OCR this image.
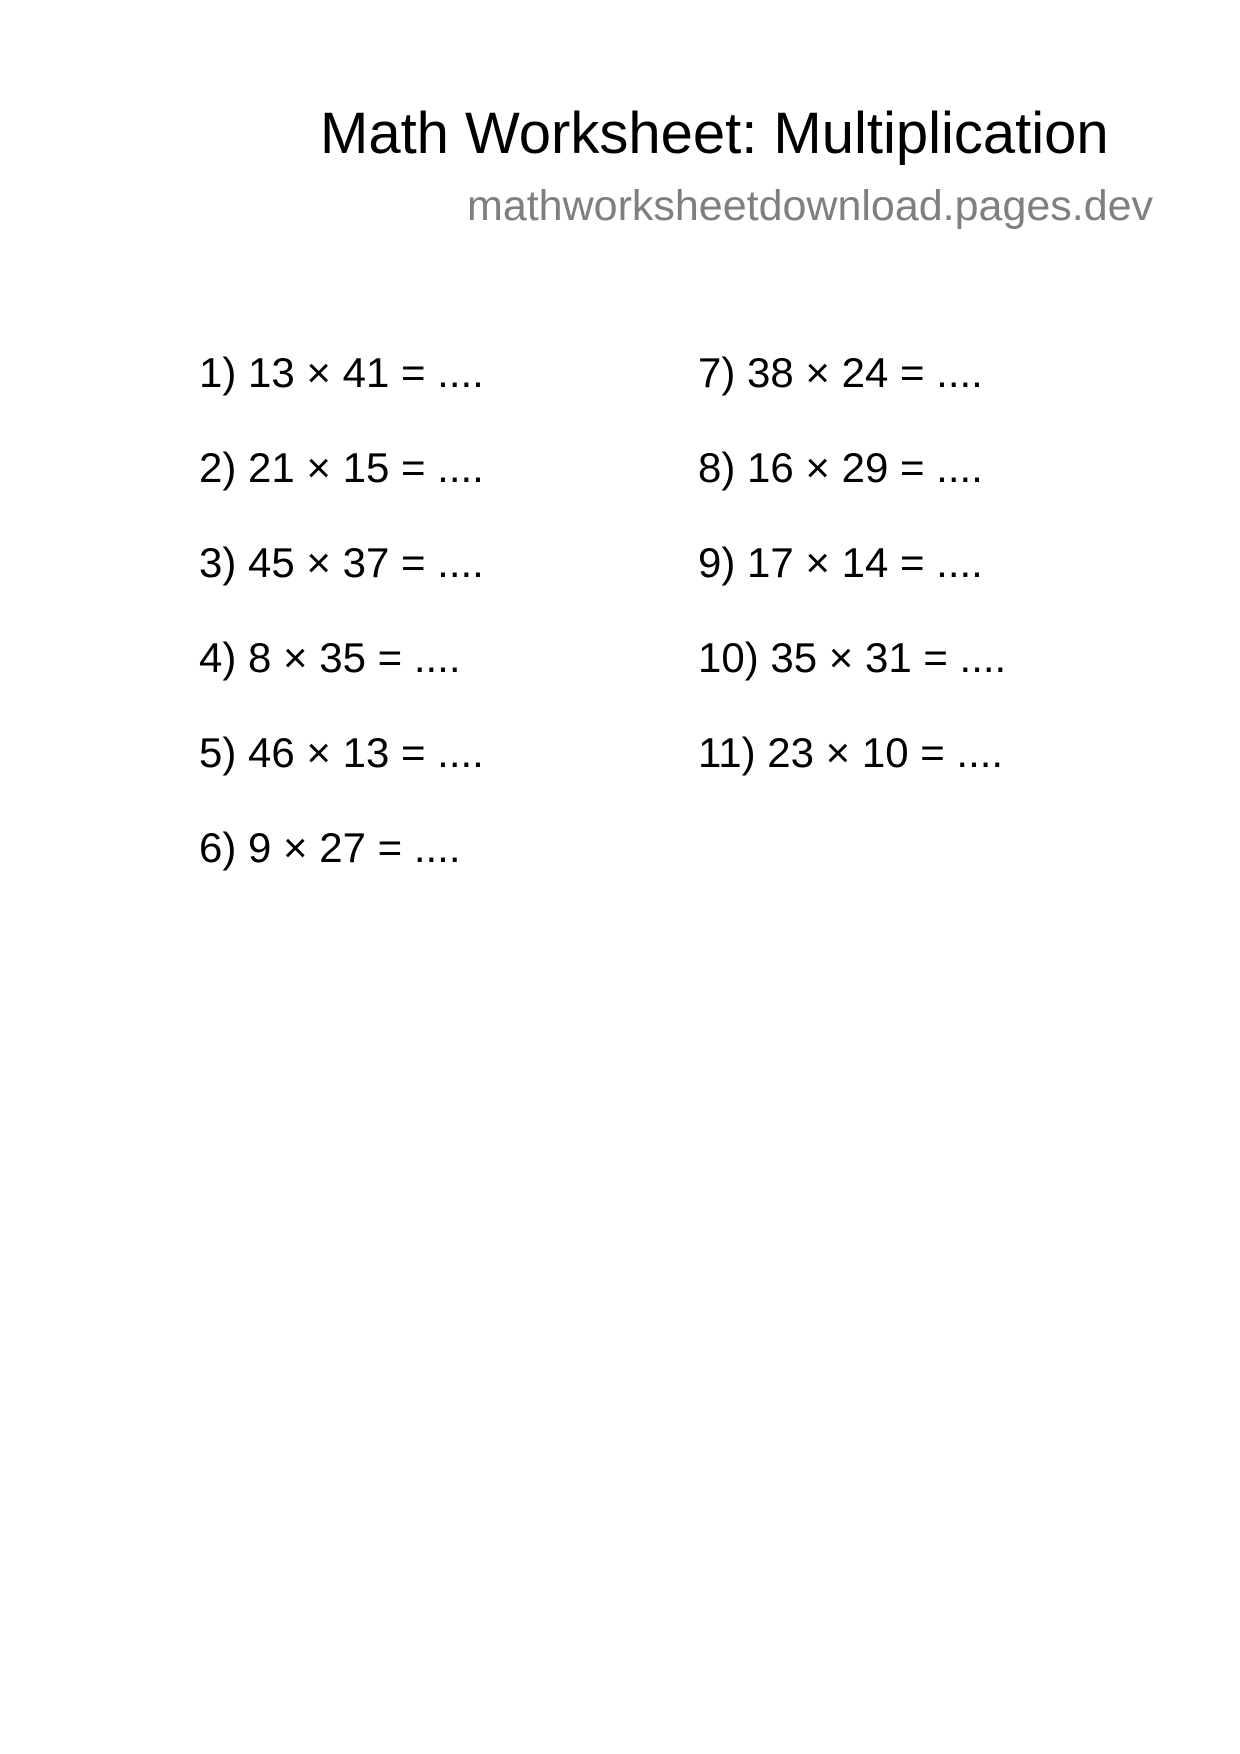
Math Worksheet: Multiplication
mathworksheetdownload.pages.dev
1) 13 × 41 = ....
2) 21 × 15 = ....
3) 45 × 37 = ....
4) 8 × 35 = ....
5) 46 × 13 = ....
6) 9 × 27 = ....
7) 38 × 24 = ....
8) 16 × 29 = ....
9) 17 × 14 = ....
10) 35 × 31 = ....
11) 23 × 10 = ....
